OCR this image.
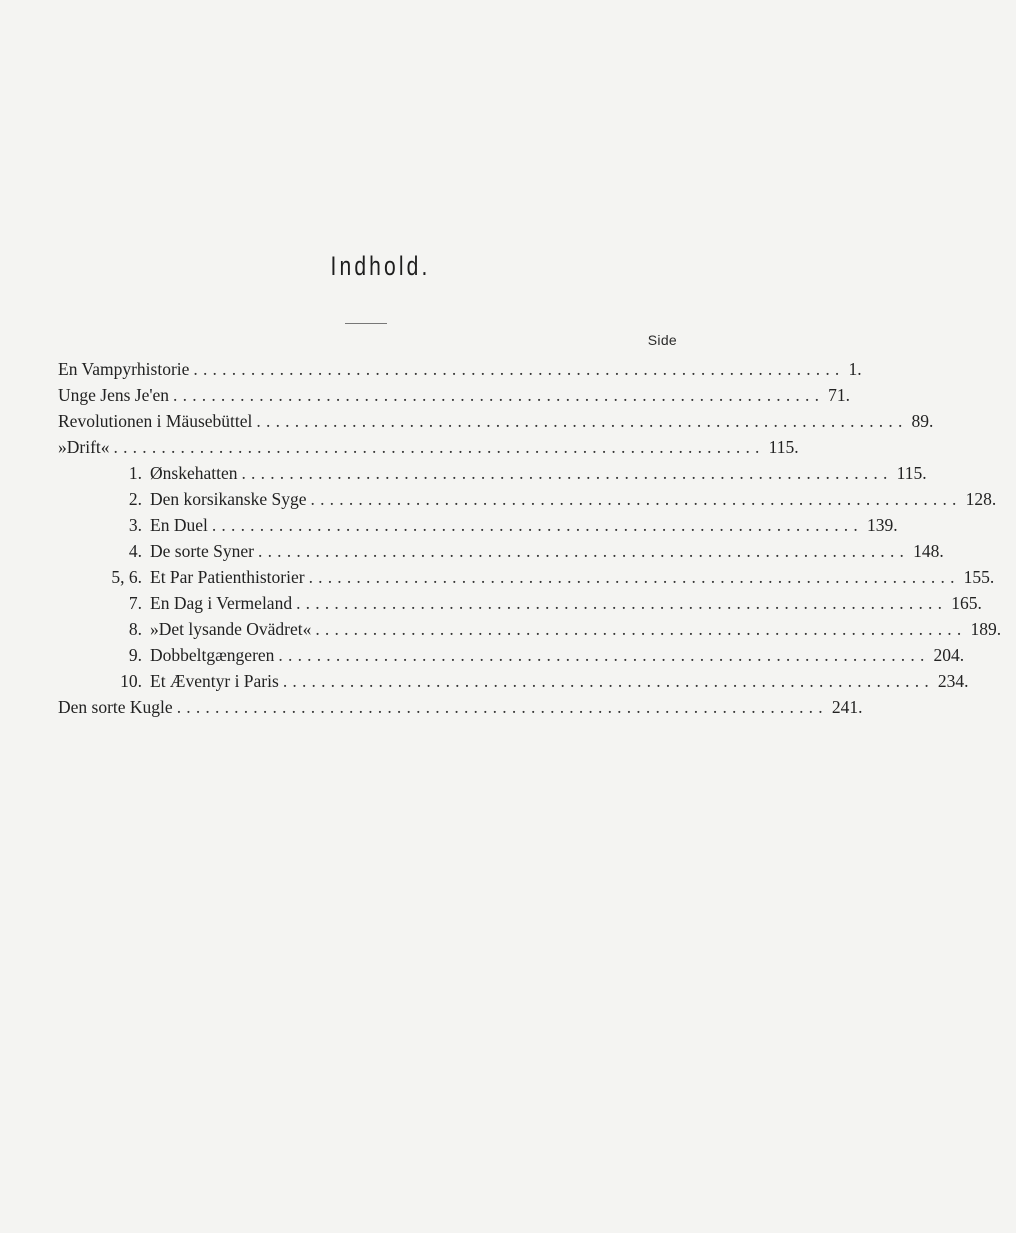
Indhold.
Side
En Vampyrhistorie .................................................................... 1.
Unge Jens Je'en .................................................................... 71.
Revolutionen i Mäusebüttel .................................................................... 89.
»Drift« .................................................................... 115.
1. Ønskehatten .................................................................... 115.
2. Den korsikanske Syge .................................................................... 128.
3. En Duel .................................................................... 139.
4. De sorte Syner .................................................................... 148.
5, 6. Et Par Patienthistorier .................................................................... 155.
7. En Dag i Vermeland .................................................................... 165.
8. »Det lysande Ovädret« .................................................................... 189.
9. Dobbeltgængeren .................................................................... 204.
10. Et Æventyr i Paris .................................................................... 234.
Den sorte Kugle .................................................................... 241.
